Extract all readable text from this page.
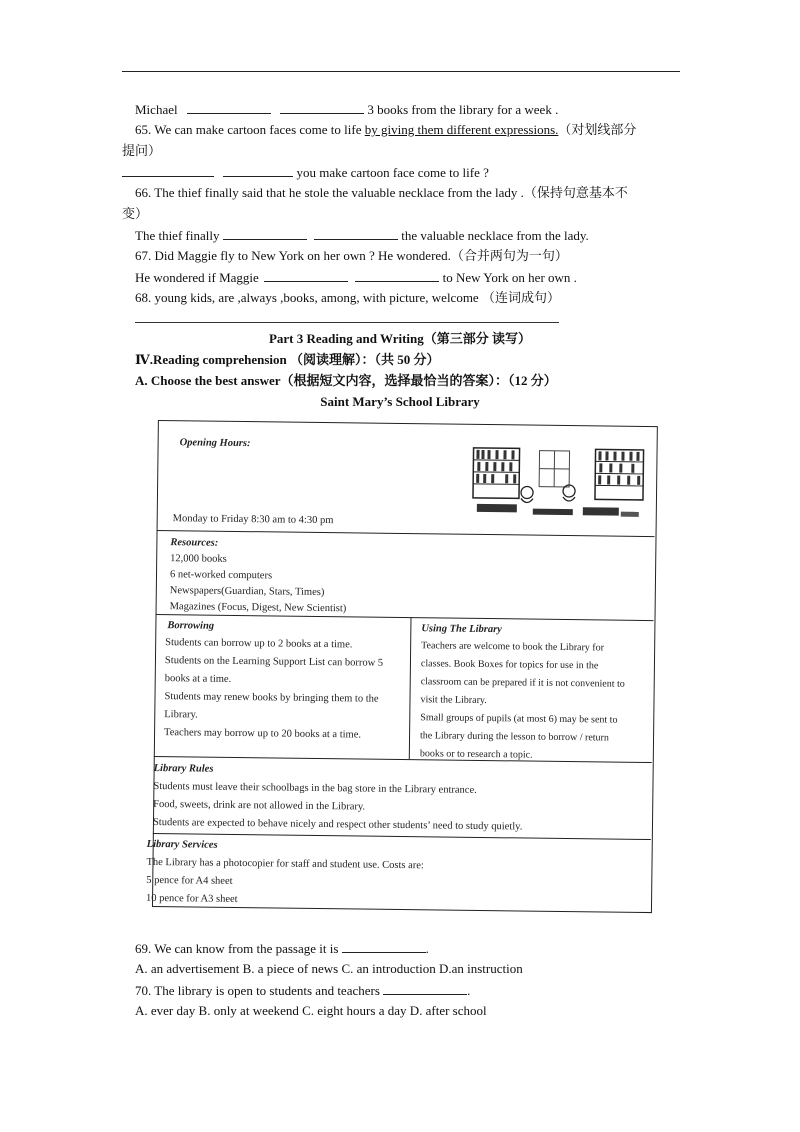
Michael	3 books from the library for a week .
65. We can make cartoon faces come to life by giving them different expressions.（对划线部分
提问）
you make cartoon face come to life ?
66. The thief finally said that he stole the valuable necklace from the lady .（保持句意基本不
变）
The thief finally	the valuable necklace from the lady.
67. Did Maggie fly to New York on her own ? He wondered.（合并两句为一句）
He wondered if Maggie	to New York on her own .
68. young kids, are ,always ,books, among, with picture, welcome （连词成句）
Part 3 Reading and Writing（第三部分 读写）
Ⅳ.Reading comprehension （阅读理解）：（共 50 分）
A. Choose the best answer（根据短文内容，选择最恰当的答案）：（12 分）
Saint Mary’s School Library
Opening Hours:
Monday to Friday 8:30 am to 4:30 pm
Resources:
12,000 books
6 net-worked computers
Newspapers(Guardian, Stars, Times)
Magazines (Focus, Digest, New Scientist)
Borrowing
Students can borrow up to 2 books at a time.
Students on the Learning Support List can borrow 5
books at a time.
Students may renew books by bringing them to the
Library.
Teachers may borrow up to 20 books at a time.
Using The Library
Teachers are welcome to book the Library for
classes. Book Boxes for topics for use in the
classroom can be prepared if it is not convenient to
visit the Library.
Small groups of pupils (at most 6) may be sent to
the Library during the lesson to borrow / return
books or to research a topic.
Library Rules
Students must leave their schoolbags in the bag store in the Library entrance.
Food, sweets, drink are not allowed in the Library.
Students are expected to behave nicely and respect other students’ need to study quietly.
Library Services
The Library has a photocopier for staff and student use. Costs are:
5 pence for A4 sheet
10 pence for A3 sheet
69. We can know from the passage it is	.
A. an advertisement B. a piece of news C. an introduction D.an instruction
70. The library is open to students and teachers	.
A. ever day B. only at weekend C. eight hours a day D. after school
